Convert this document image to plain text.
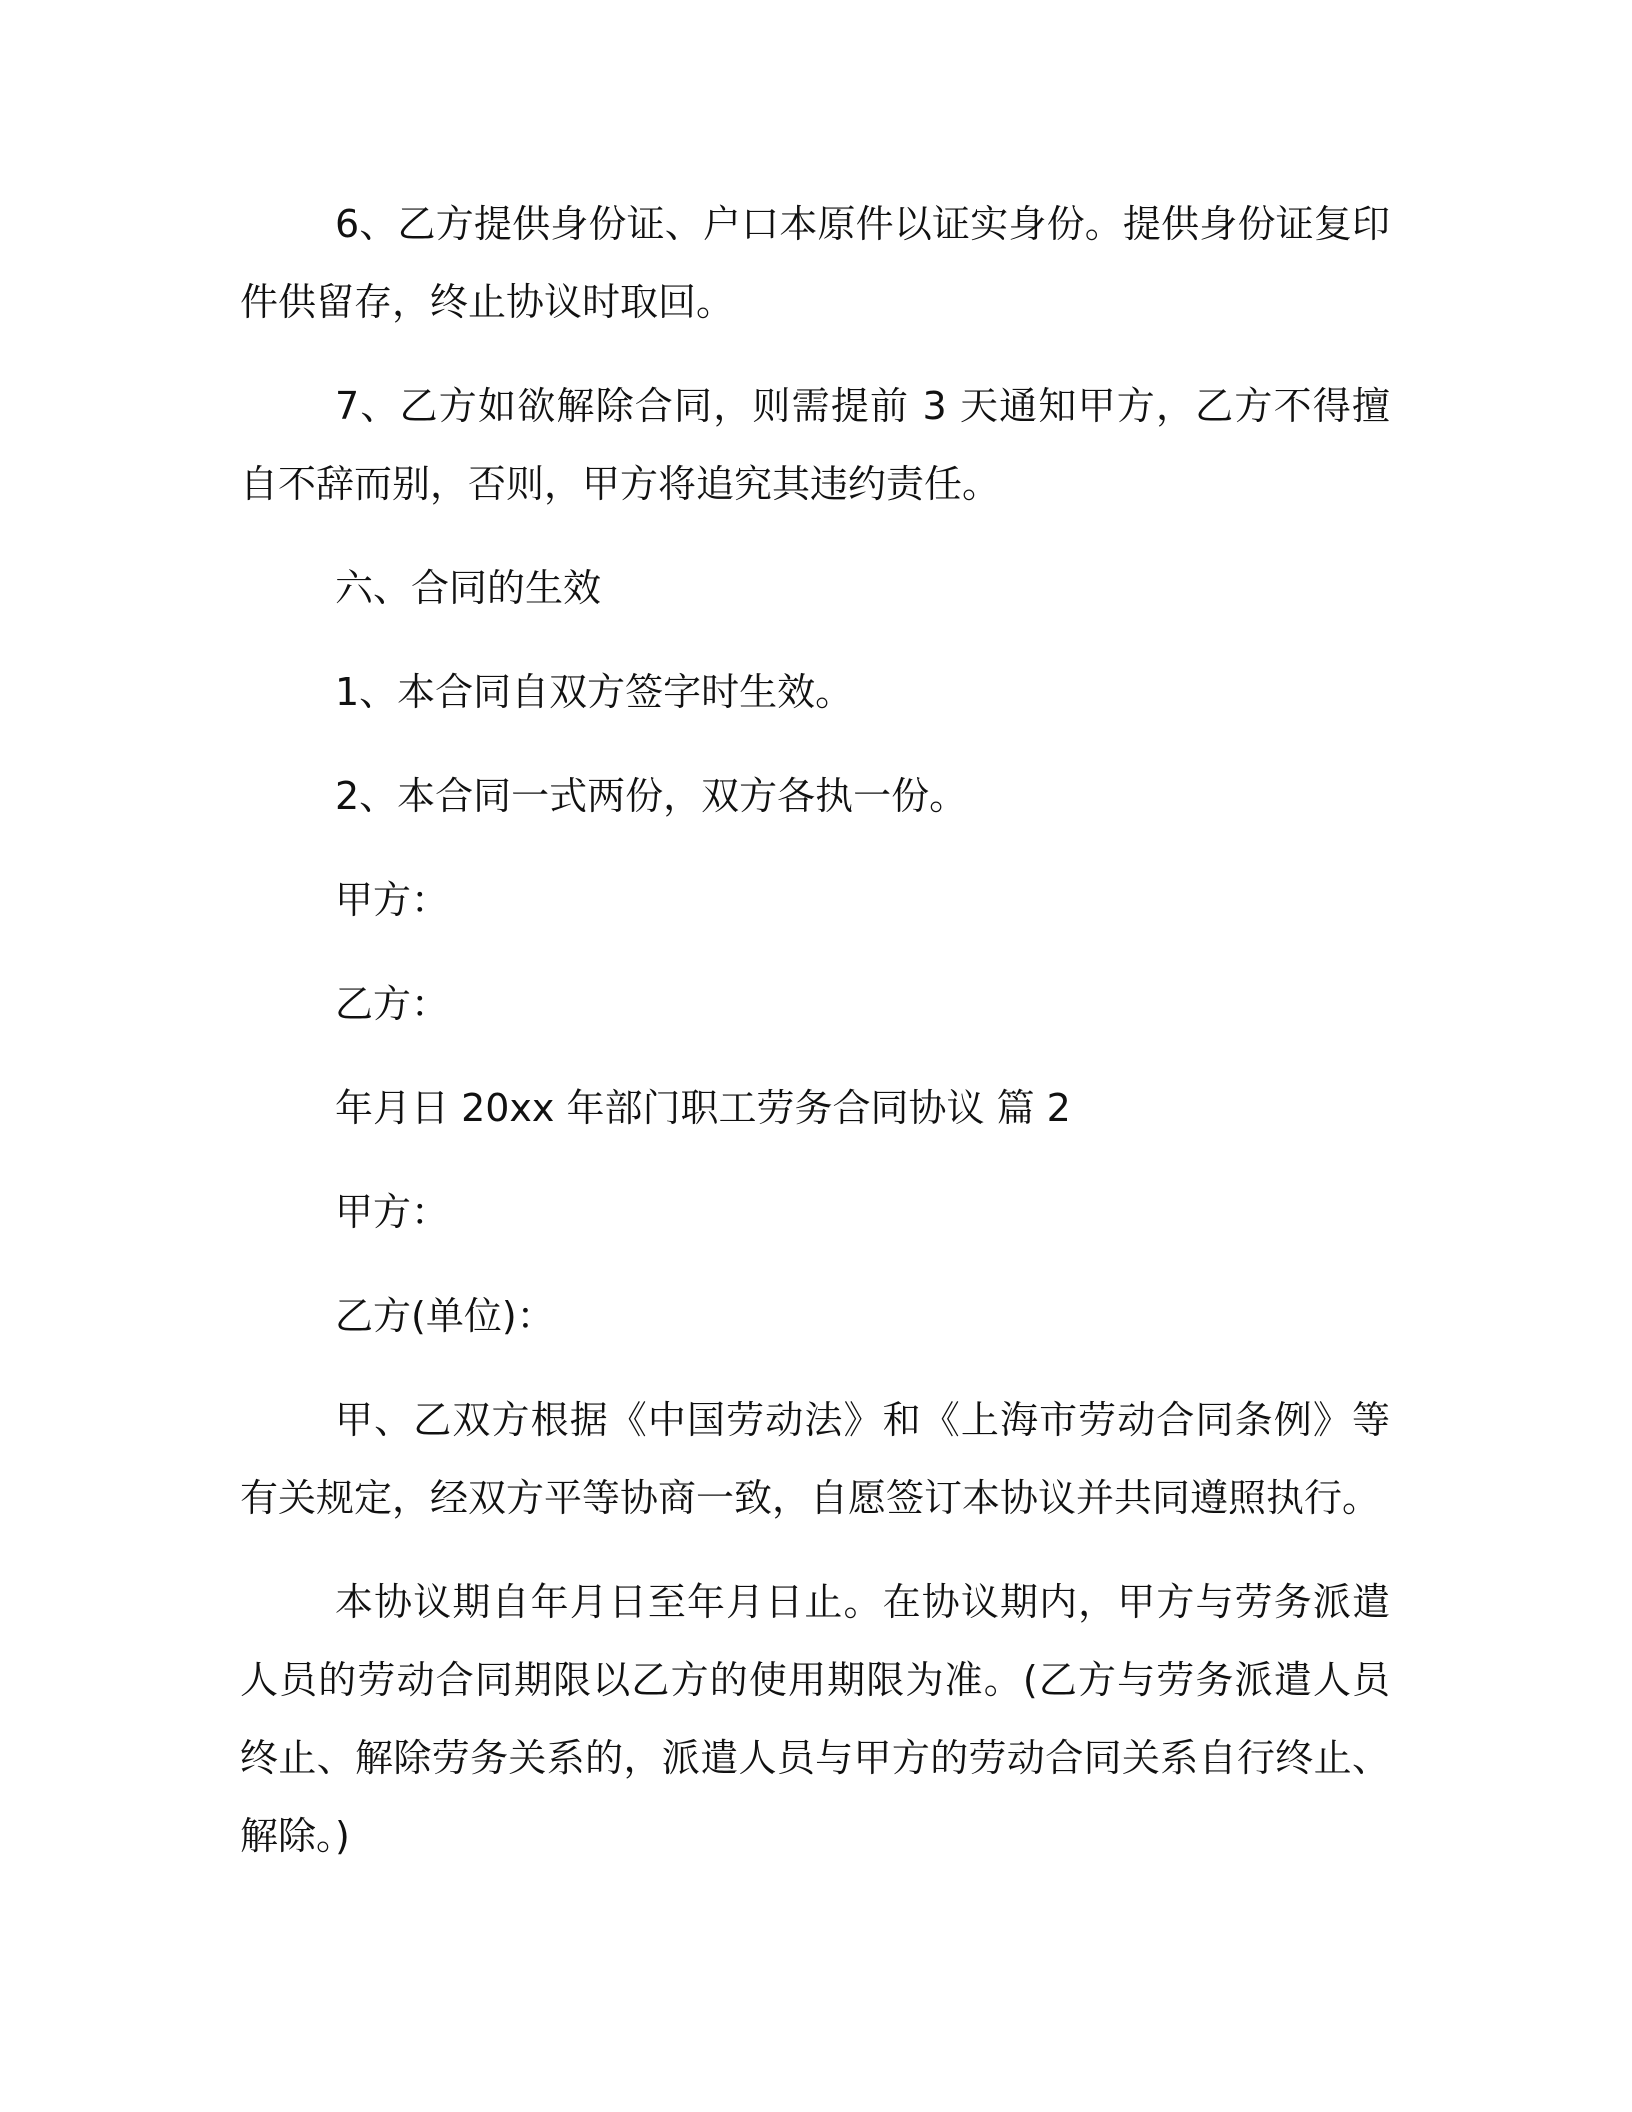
6、乙方提供身份证、户口本原件以证实身份。提供身份证复印件供留存，终止协议时取回。

7、乙方如欲解除合同，则需提前 3 天通知甲方，乙方不得擅自不辞而别，否则，甲方将追究其违约责任。

六、合同的生效

1、本合同自双方签字时生效。

2、本合同一式两份，双方各执一份。

甲方：

乙方：

年月日 20xx 年部门职工劳务合同协议 篇 2

甲方：

乙方(单位)：

甲、乙双方根据《中国劳动法》和《上海市劳动合同条例》等有关规定，经双方平等协商一致，自愿签订本协议并共同遵照执行。

本协议期自年月日至年月日止。在协议期内，甲方与劳务派遣人员的劳动合同期限以乙方的使用期限为准。(乙方与劳务派遣人员终止、解除劳务关系的，派遣人员与甲方的劳动合同关系自行终止、解除。)
